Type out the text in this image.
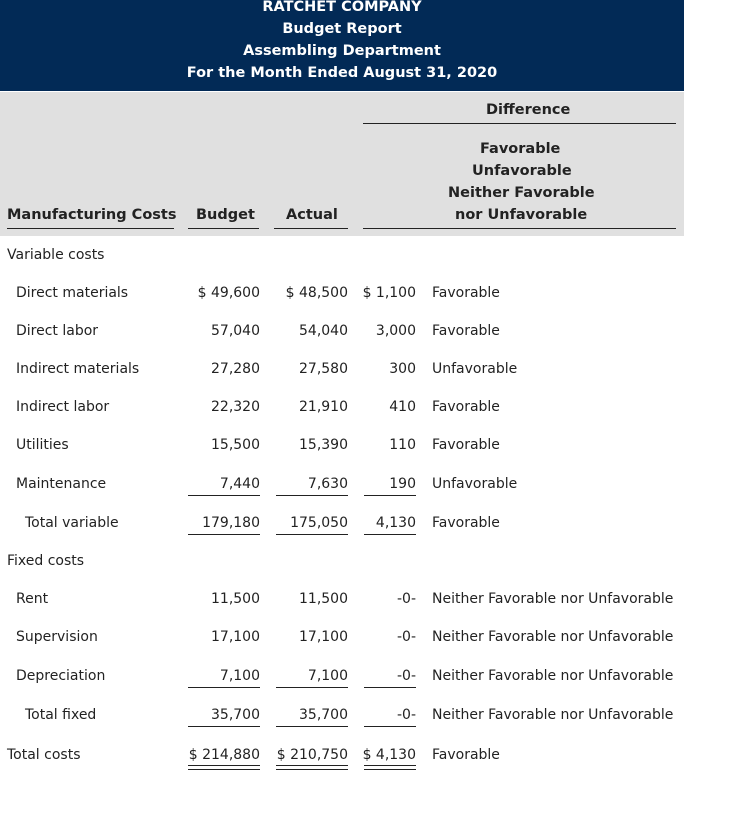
RATCHET COMPANY
Budget Report
Assembling Department
For the Month Ended August 31, 2020
Difference
Favorable
Unfavorable
Neither Favorable
nor Unfavorable
Manufacturing Costs Budget Actual
Variable costs
Direct materials	$ 49,600 $ 48,500 $ 1,100 Favorable
Direct labor	57,040	54,040 3,000 Favorable
Indirect materials	27,280	27,580	300 Unfavorable
Indirect labor	22,320	21,910	410 Favorable
Utilities	15,500	15,390	110 Favorable
Maintenance	7,440	7,630	190 Unfavorable
Total variable	179,180 175,050 4,130 Favorable
Fixed costs
Rent	11,500	11,500	-0- Neither Favorable nor Unfavorable
Supervision	17,100	17,100	-0- Neither Favorable nor Unfavorable
Depreciation	7,100	7,100	-0- Neither Favorable nor Unfavorable
Total fixed	35,700	35,700	-0- Neither Favorable nor Unfavorable
Total costs	$ 214,880 $ 210,750 $ 4,130 Favorable
